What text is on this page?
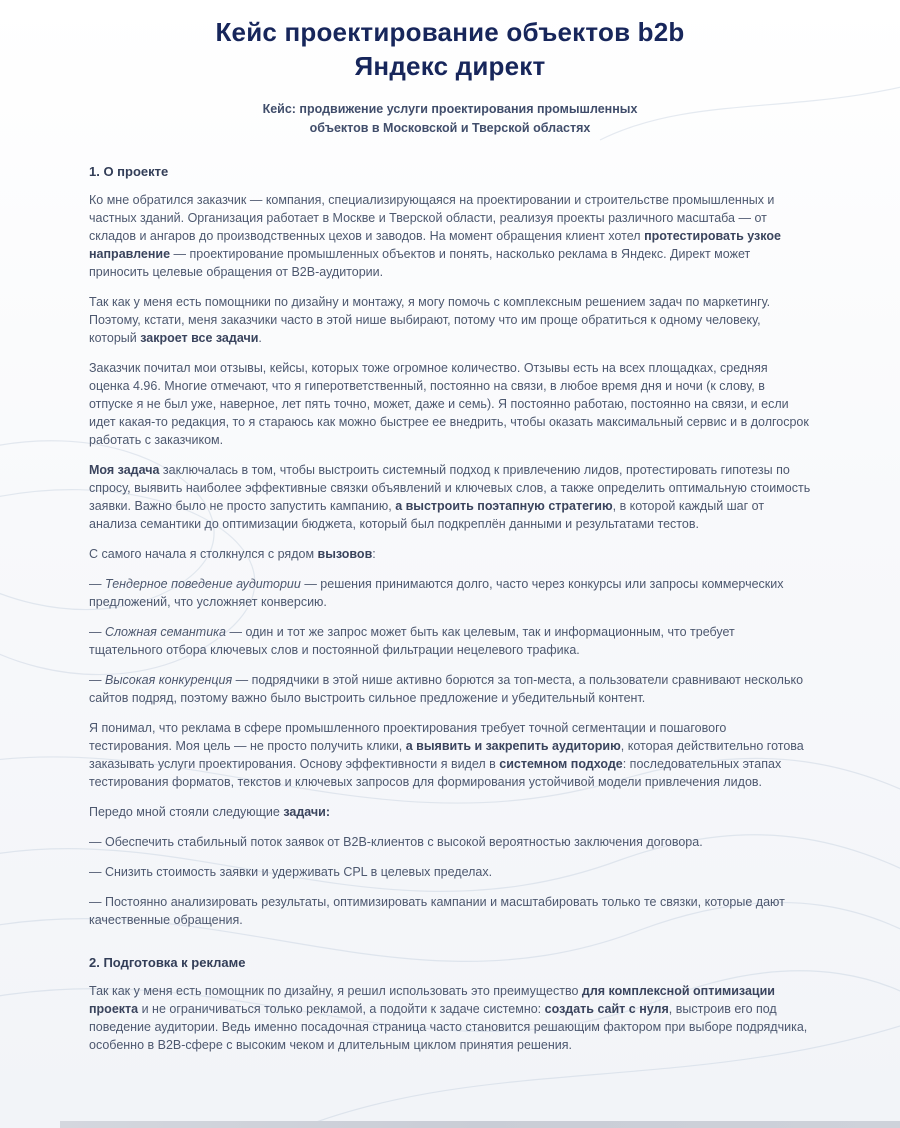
Кейс проектирование объектов b2b
Яндекс директ

Кейс: продвижение услуги проектирования промышленных
объектов в Московской и Тверской областях

1. О проекте

Ко мне обратился заказчик — компания, специализирующаяся на проектировании и строительстве промышленных и частных зданий. Организация работает в Москве и Тверской области, реализуя проекты различного масштаба — от складов и ангаров до производственных цехов и заводов. На момент обращения клиент хотел протестировать узкое направление — проектирование промышленных объектов и понять, насколько реклама в Яндекс. Директ может приносить целевые обращения от B2B-аудитории.

Так как у меня есть помощники по дизайну и монтажу, я могу помочь с комплексным решением задач по маркетингу. Поэтому, кстати, меня заказчики часто в этой нише выбирают, потому что им проще обратиться к одному человеку, который закроет все задачи.

Заказчик почитал мои отзывы, кейсы, которых тоже огромное количество. Отзывы есть на всех площадках, средняя оценка 4.96. Многие отмечают, что я гиперответственный, постоянно на связи, в любое время дня и ночи (к слову, в отпуске я не был уже, наверное, лет пять точно, может, даже и семь). Я постоянно работаю, постоянно на связи, и если идет какая-то редакция, то я стараюсь как можно быстрее ее внедрить, чтобы оказать максимальный сервис и в долгосрок работать с заказчиком.

Моя задача заключалась в том, чтобы выстроить системный подход к привлечению лидов, протестировать гипотезы по спросу, выявить наиболее эффективные связки объявлений и ключевых слов, а также определить оптимальную стоимость заявки. Важно было не просто запустить кампанию, а выстроить поэтапную стратегию, в которой каждый шаг от анализа семантики до оптимизации бюджета, который был подкреплён данными и результатами тестов.

С самого начала я столкнулся с рядом вызовов:

— Тендерное поведение аудитории — решения принимаются долго, часто через конкурсы или запросы коммерческих предложений, что усложняет конверсию.

— Сложная семантика — один и тот же запрос может быть как целевым, так и информационным, что требует тщательного отбора ключевых слов и постоянной фильтрации нецелевого трафика.

— Высокая конкуренция — подрядчики в этой нише активно борются за топ-места, а пользователи сравнивают несколько сайтов подряд, поэтому важно было выстроить сильное предложение и убедительный контент.

Я понимал, что реклама в сфере промышленного проектирования требует точной сегментации и пошагового тестирования. Моя цель — не просто получить клики, а выявить и закрепить аудиторию, которая действительно готова заказывать услуги проектирования. Основу эффективности я видел в системном подходе: последовательных этапах тестирования форматов, текстов и ключевых запросов для формирования устойчивой модели привлечения лидов.

Передо мной стояли следующие задачи:

— Обеспечить стабильный поток заявок от B2B-клиентов с высокой вероятностью заключения договора.

— Снизить стоимость заявки и удерживать CPL в целевых пределах.

— Постоянно анализировать результаты, оптимизировать кампании и масштабировать только те связки, которые дают качественные обращения.

2. Подготовка к рекламе

Так как у меня есть помощник по дизайну, я решил использовать это преимущество для комплексной оптимизации проекта и не ограничиваться только рекламой, а подойти к задаче системно: создать сайт с нуля, выстроив его под поведение аудитории. Ведь именно посадочная страница часто становится решающим фактором при выборе подрядчика, особенно в B2B-сфере с высоким чеком и длительным циклом принятия решения.
